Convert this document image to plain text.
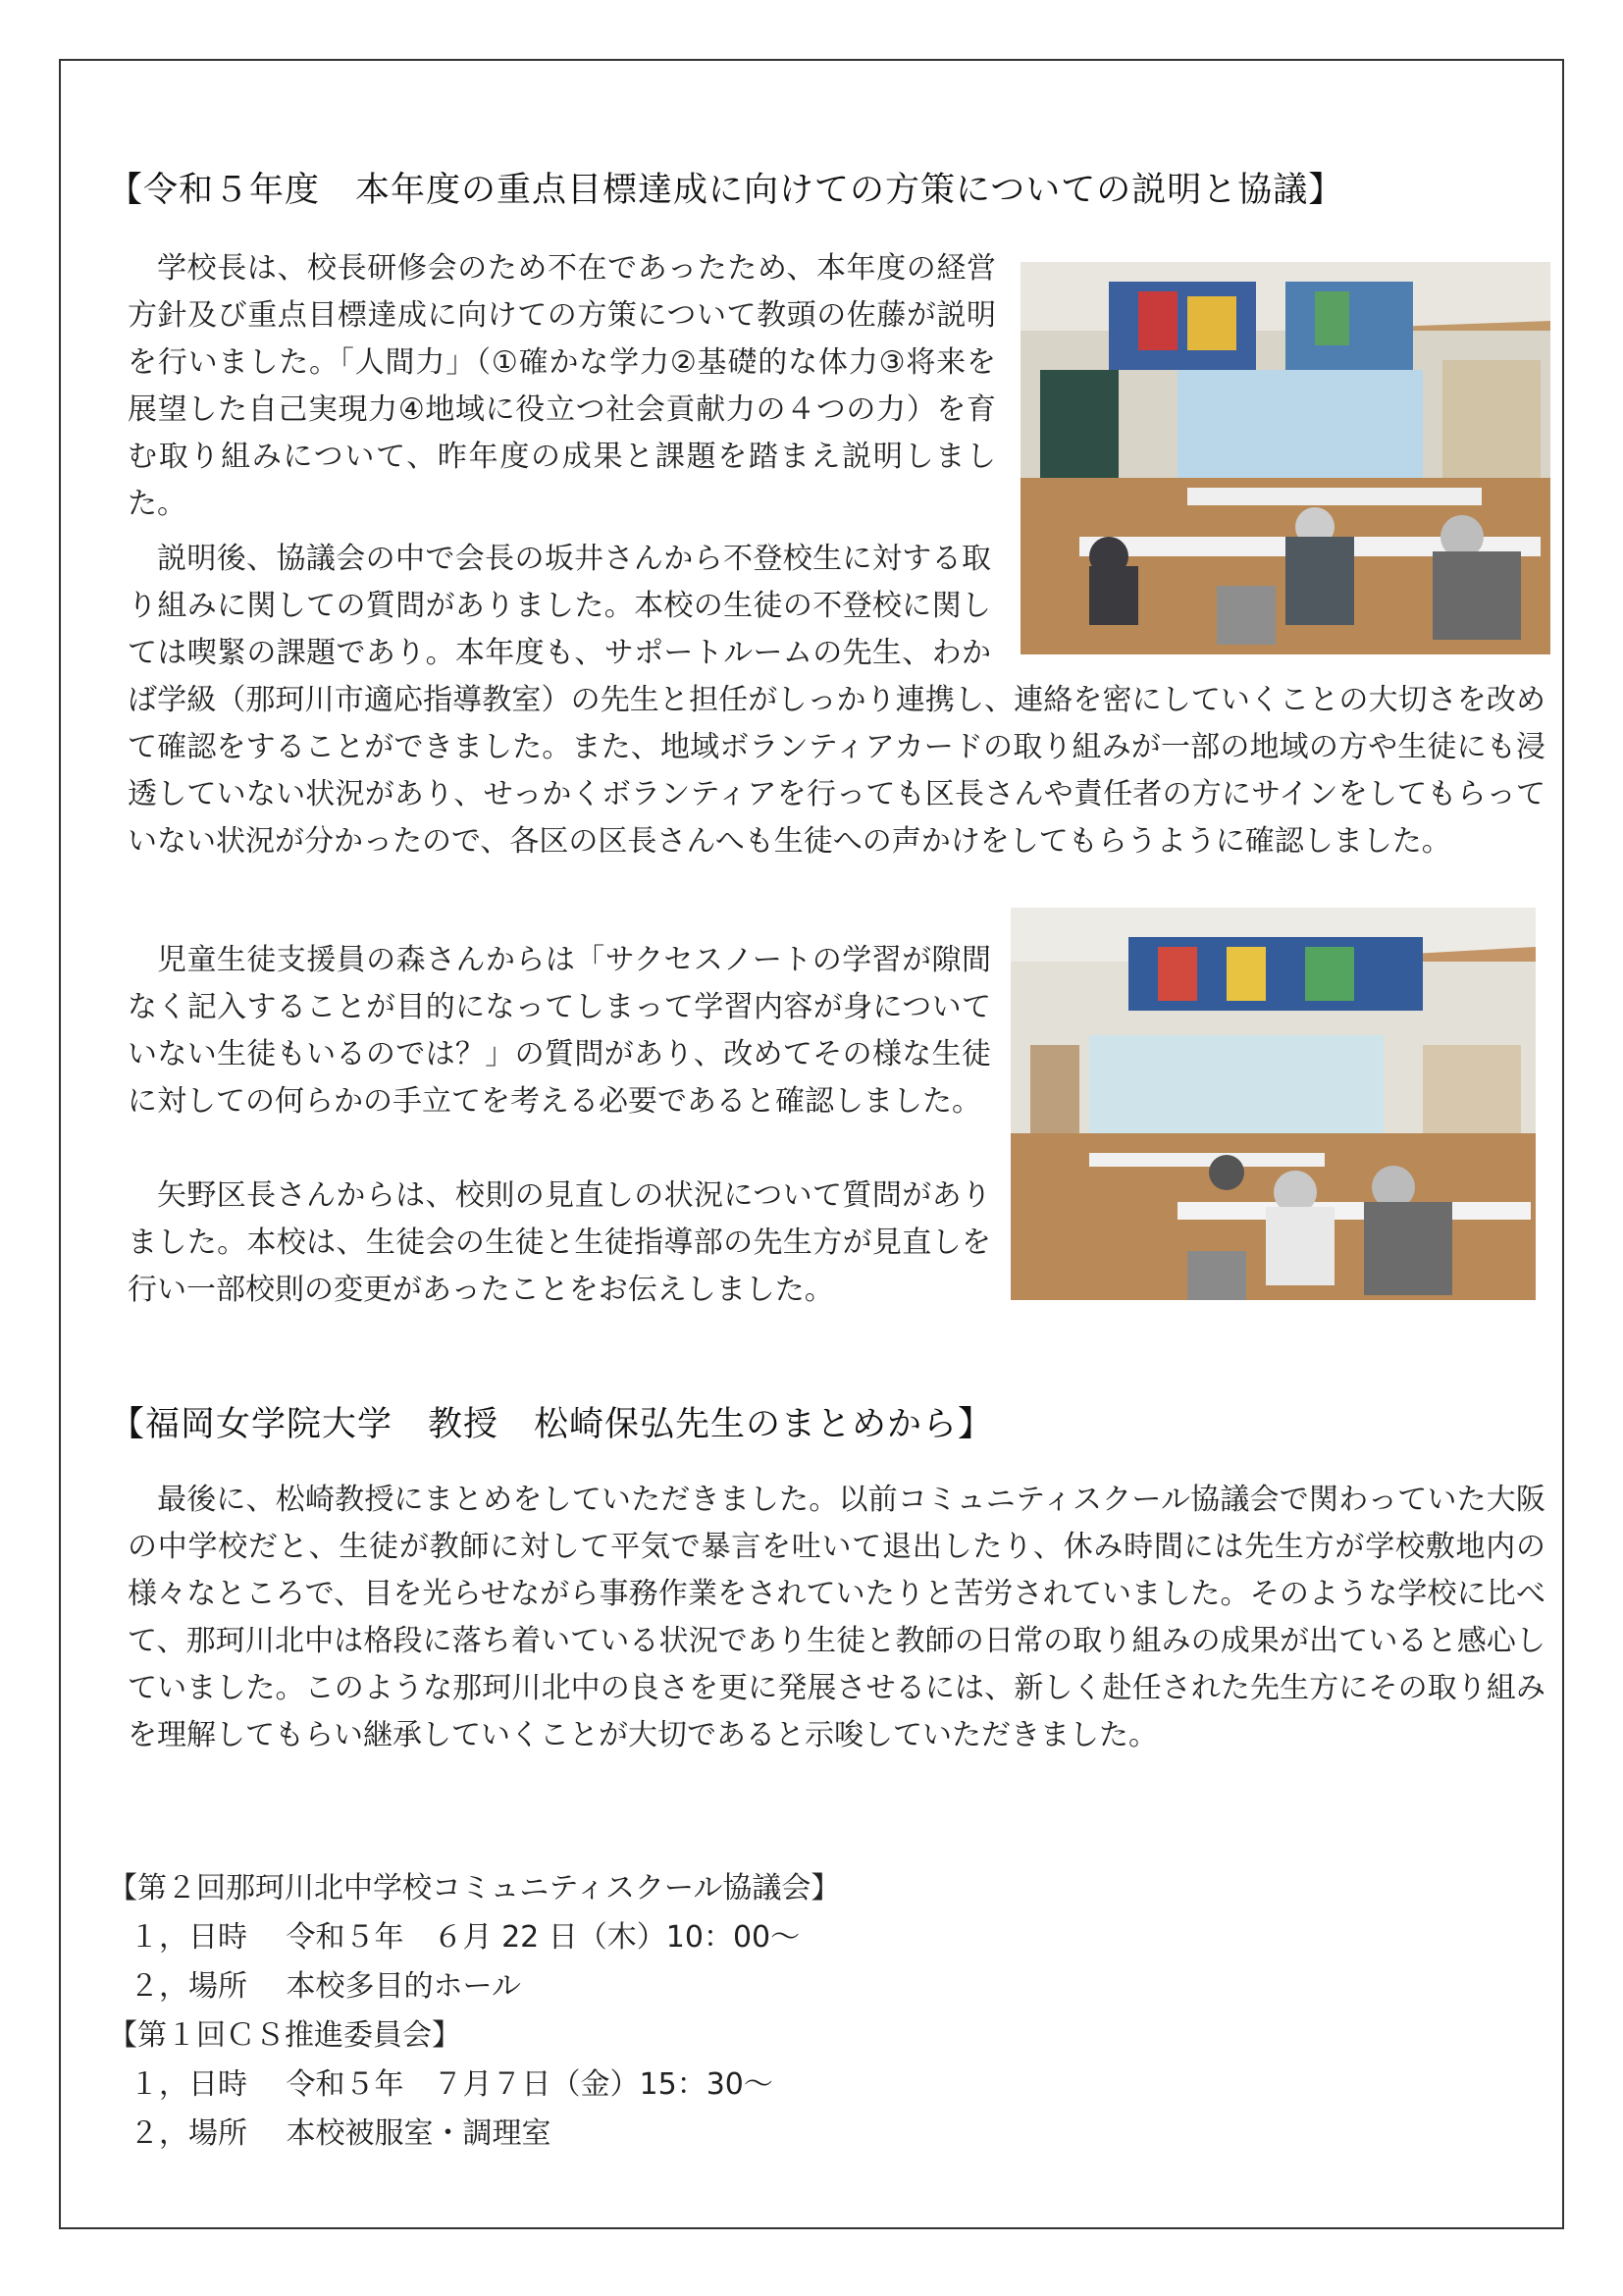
【令和５年度　本年度の重点目標達成に向けての方策についての説明と協議】

学校長は、校長研修会のため不在であったため、本年度の経営方針及び重点目標達成に向けての方策について教頭の佐藤が説明を行いました。「人間力」（①確かな学力②基礎的な体力③将来を展望した自己実現力④地域に役立つ社会貢献力の４つの力）を育む取り組みについて、昨年度の成果と課題を踏まえ説明しました。

説明後、協議会の中で会長の坂井さんから不登校生に対する取り組みに関しての質問がありました。本校の生徒の不登校に関しては喫緊の課題であり。本年度も、サポートルームの先生、わかば学級（那珂川市適応指導教室）の先生と担任がしっかり連携し、連絡を密にしていくことの大切さを改めて確認をすることができました。また、地域ボランティアカードの取り組みが一部の地域の方や生徒にも浸透していない状況があり、せっかくボランティアを行っても区長さんや責任者の方にサインをしてもらっていない状況が分かったので、各区の区長さんへも生徒への声かけをしてもらうように確認しました。

児童生徒支援員の森さんからは「サクセスノートの学習が隙間なく記入することが目的になってしまって学習内容が身についていない生徒もいるのでは？」の質問があり、改めてその様な生徒に対しての何らかの手立てを考える必要であると確認しました。

矢野区長さんからは、校則の見直しの状況について質問がありました。本校は、生徒会の生徒と生徒指導部の先生方が見直しを行い一部校則の変更があったことをお伝えしました。

【福岡女学院大学　教授　松崎保弘先生のまとめから】

最後に、松崎教授にまとめをしていただきました。以前コミュニティスクール協議会で関わっていた大阪の中学校だと、生徒が教師に対して平気で暴言を吐いて退出したり、休み時間には先生方が学校敷地内の様々なところで、目を光らせながら事務作業をされていたりと苦労されていました。そのような学校に比べて、那珂川北中は格段に落ち着いている状況であり生徒と教師の日常の取り組みの成果が出ていると感心していました。このような那珂川北中の良さを更に発展させるには、新しく赴任された先生方にその取り組みを理解してもらい継承していくことが大切であると示唆していただきました。

【第２回那珂川北中学校コミュニティスクール協議会】
１，日時 令和５年　６月 22 日（木）10：00～
２，場所 本校多目的ホール
【第１回ＣＳ推進委員会】
１，日時 令和５年　７月７日（金）15：30～
２，場所 本校被服室・調理室
